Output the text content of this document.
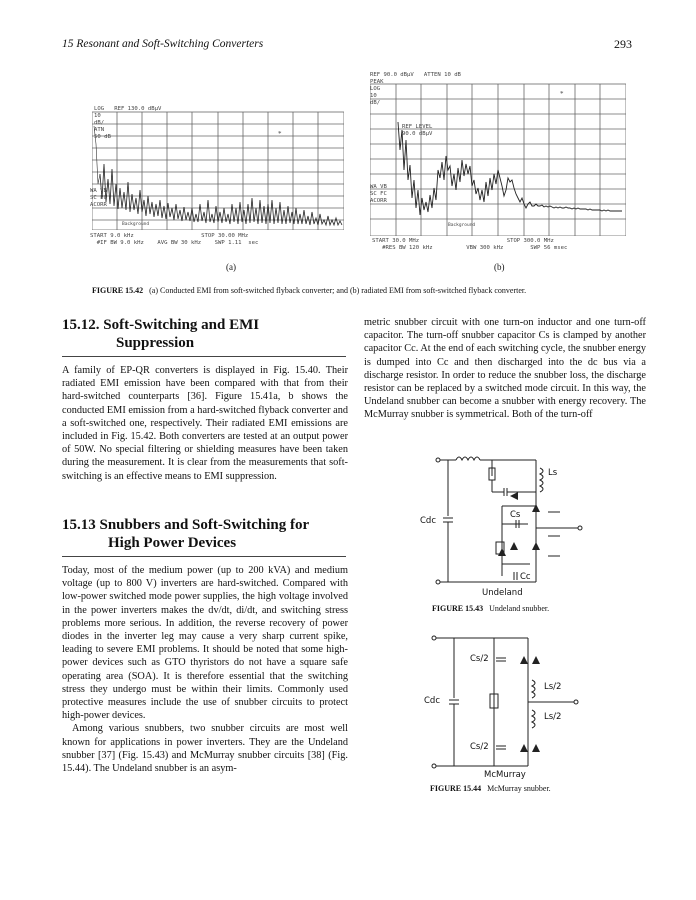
15 Resonant and Soft-Switching Converters	293
LOG   REF 130.0 dBµV
10
dB/
ATN
50 dB
WA VB
SC FC
ACORR
Background
*
START 9.0 kHz                    STOP 30.00 MHz
#IF BW 9.0 kHz    AVG BW 30 kHz    SWP 1.11  sec
(a)
REF 90.0 dBµV   ATTEN 10 dB
PEAK
LOG
10
dB/
REF LEVEL
90.0 dBµV
WA VB
SC FC
ACORR
Background
*
START 30.0 MHz                          STOP 300.0 MHz
#RES BW 120 kHz          VBW 300 kHz        SWP 56 msec
(b)
FIGURE 15.42 (a) Conducted EMI from soft-switched flyback converter; and (b) radiated EMI from soft-switched flyback converter.
15.12. Soft-Switching and EMI
Suppression

A family of EP-QR converters is displayed in Fig. 15.40. Their radiated EMI emission have been compared with that from their hard-switched counterparts [36]. Figure 15.41a, b shows the conducted EMI emission from a hard-switched flyback converter and a soft-switched one, respectively. Their radiated EMI emissions are included in Fig. 15.42. Both converters are tested at an output power of 50W. No special filtering or shielding measures have been taken during the measurement. It is clear from the measurements that soft-switching is an effective means to EMI suppression.

15.13 Snubbers and Soft-Switching for
High Power Devices

Today, most of the medium power (up to 200 kVA) and medium voltage (up to 800 V) inverters are hard-switched. Compared with low-power switched mode power supplies, the high voltage involved in the power inverters makes the dv/dt, di/dt, and switching stress problems more serious. In addition, the reverse recovery of power diodes in the inverter leg may cause a very sharp current spike, leading to severe EMI problems. It should be noted that some high-power devices such as GTO thyristors do not have a square safe operating area (SOA). It is therefore essential that the switching stress they undergo must be within their limits. Commonly used protective measures include the use of snubber circuits to protect high-power devices.

Among various snubbers, two snubber circuits are most well known for applications in power inverters. They are the Undeland snubber [37] (Fig. 15.43) and McMurray snubber circuits [38] (Fig. 15.44). The Undeland snubber is an asym-

metric snubber circuit with one turn-on inductor and one turn-off capacitor. The turn-off snubber capacitor Cs is clamped by another capacitor Cc. At the end of each switching cycle, the snubber energy is dumped into Cc and then discharged into the dc bus via a discharge resistor. In order to reduce the snubber loss, the discharge resistor can be replaced by a switched mode circuit. In this way, the Undeland snubber can become a snubber with energy recovery. The McMurray snubber is symmetrical. Both of the turn-off

Ls
Cs
Cdc
Cc
Undeland
FIGURE 15.43 Undeland snubber.
Cs/2
Ls/2
Cdc
Ls/2
Cs/2
McMurray
FIGURE 15.44 McMurray snubber.
